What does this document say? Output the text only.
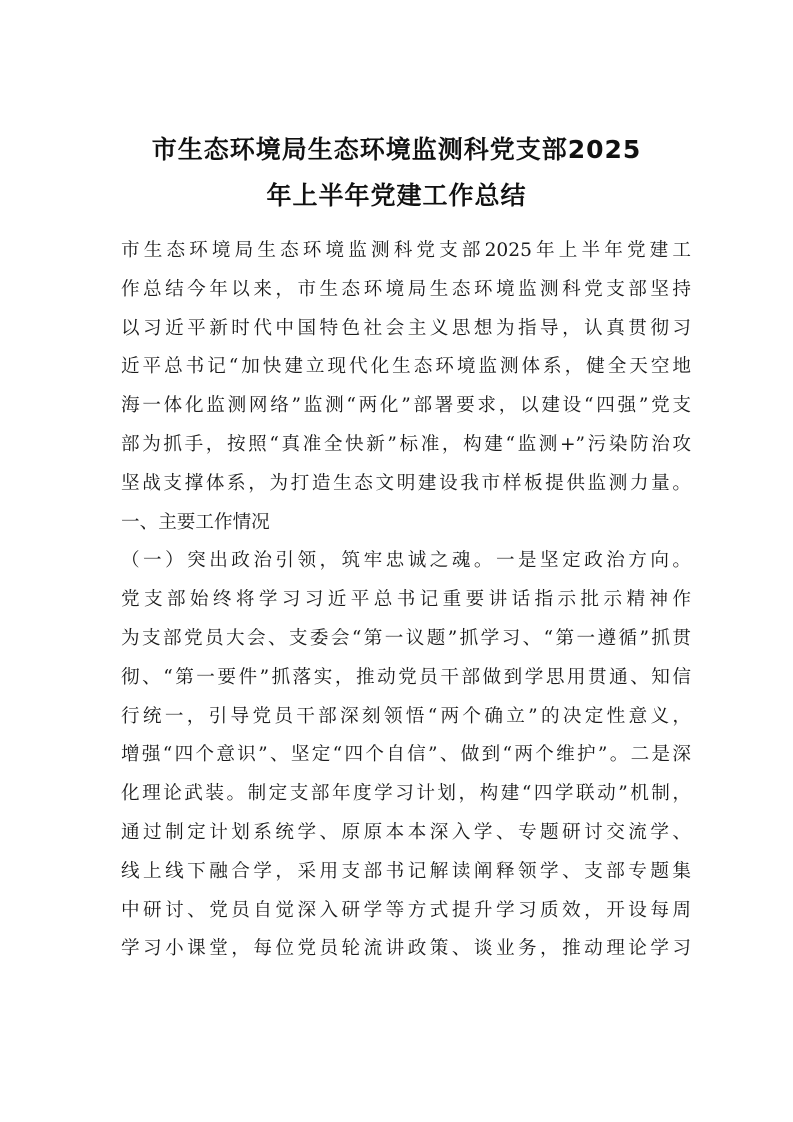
市生态环境局生态环境监测科党支部2025
年上半年党建工作总结
市生态环境局生态环境监测科党支部2025年上半年党建工
作总结今年以来，市生态环境局生态环境监测科党支部坚持
以习近平新时代中国特色社会主义思想为指导，认真贯彻习
近平总书记“加快建立现代化生态环境监测体系，健全天空地
海一体化监测网络”监测“两化”部署要求，以建设“四强”党支
部为抓手，按照“真准全快新”标准，构建“监测+”污染防治攻
坚战支撑体系，为打造生态文明建设我市样板提供监测力量。
一、主要工作情况
（一）突出政治引领，筑牢忠诚之魂。一是坚定政治方向。
党支部始终将学习习近平总书记重要讲话指示批示精神作
为支部党员大会、支委会“第一议题”抓学习、“第一遵循”抓贯
彻、“第一要件”抓落实，推动党员干部做到学思用贯通、知信
行统一，引导党员干部深刻领悟“两个确立”的决定性意义，
增强“四个意识”、坚定“四个自信”、做到“两个维护”。二是深
化理论武装。制定支部年度学习计划，构建“四学联动”机制，
通过制定计划系统学、原原本本深入学、专题研讨交流学、
线上线下融合学，采用支部书记解读阐释领学、支部专题集
中研讨、党员自觉深入研学等方式提升学习质效，开设每周
学习小课堂，每位党员轮流讲政策、谈业务，推动理论学习
